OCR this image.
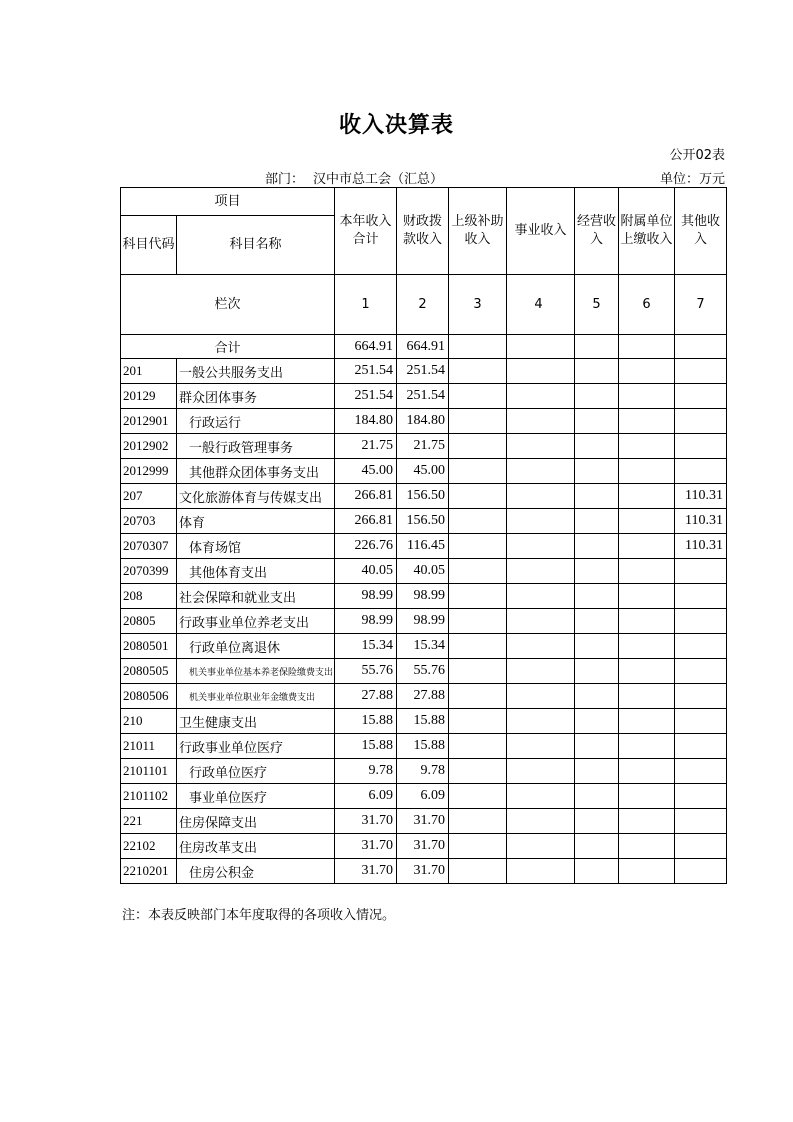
收入决算表
公开02表
部门： 汉中市总工会（汇总）	单位：万元
项目		本年收入合计	财政拨款收入	上级补助收入	事业收入	经营收入	附属单位上缴收入	其他收入
科目代码	科目名称							
栏次		1	2	3	4	5	6	7
合计		664.91	664.91					
201	一般公共服务支出	251.54	251.54					
20129	群众团体事务	251.54	251.54					
2012901	行政运行	184.80	184.80					
2012902	一般行政管理事务	21.75	21.75					
2012999	其他群众团体事务支出	45.00	45.00					
207	文化旅游体育与传媒支出	266.81	156.50					110.31
20703	体育	266.81	156.50					110.31
2070307	体育场馆	226.76	116.45					110.31
2070399	其他体育支出	40.05	40.05					
208	社会保障和就业支出	98.99	98.99					
20805	行政事业单位养老支出	98.99	98.99					
2080501	行政单位离退休	15.34	15.34					
2080505	机关事业单位基本养老保险缴费支出	55.76	55.76					
2080506	机关事业单位职业年金缴费支出	27.88	27.88					
210	卫生健康支出	15.88	15.88					
21011	行政事业单位医疗	15.88	15.88					
2101101	行政单位医疗	9.78	9.78					
2101102	事业单位医疗	6.09	6.09					
221	住房保障支出	31.70	31.70					
22102	住房改革支出	31.70	31.70					
2210201	住房公积金	31.70	31.70					
注：本表反映部门本年度取得的各项收入情况。
